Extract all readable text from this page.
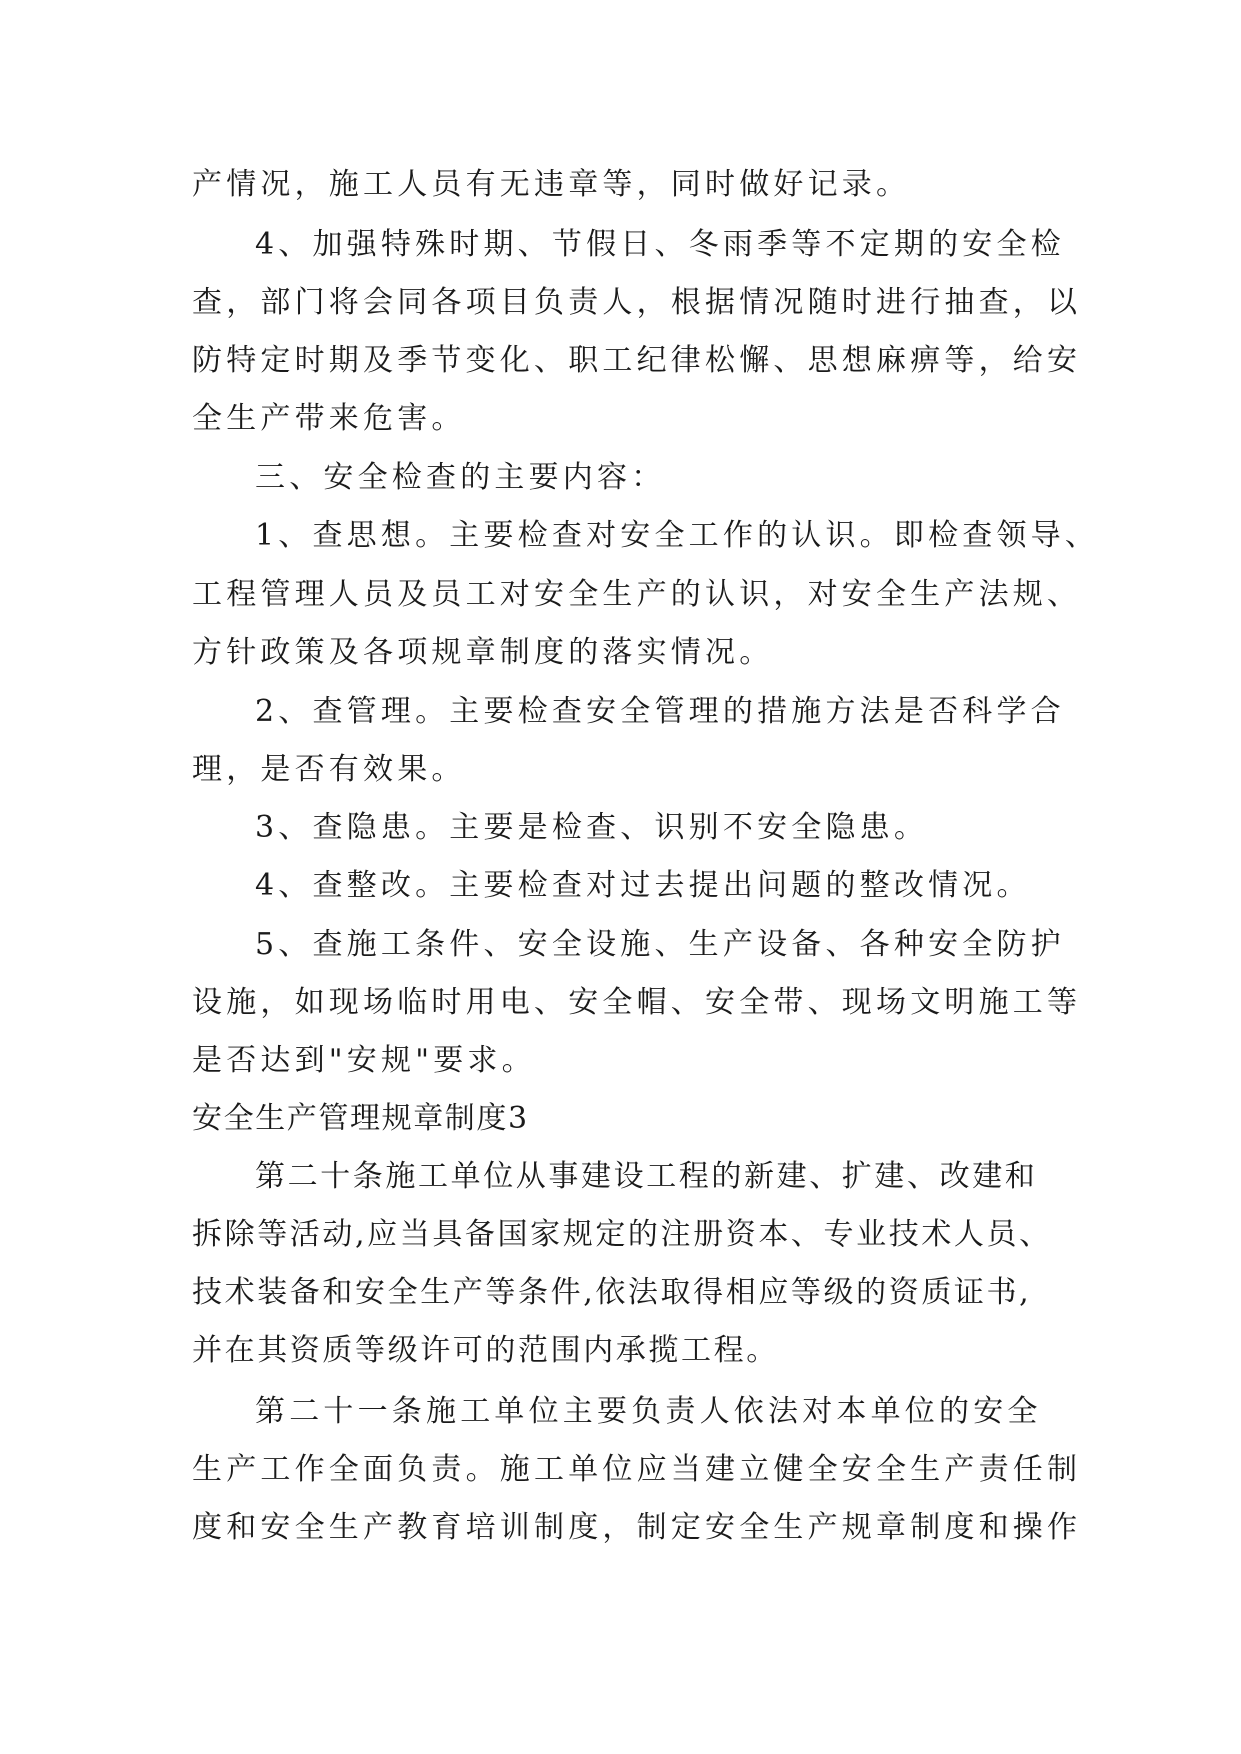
产情况，施工人员有无违章等，同时做好记录。
4、加强特殊时期、节假日、冬雨季等不定期的安全检
查，部门将会同各项目负责人，根据情况随时进行抽查，以
防特定时期及季节变化、职工纪律松懈、思想麻痹等，给安
全生产带来危害。
三、安全检查的主要内容：
1、查思想。主要检查对安全工作的认识。即检查领导、
工程管理人员及员工对安全生产的认识，对安全生产法规、
方针政策及各项规章制度的落实情况。
2、查管理。主要检查安全管理的措施方法是否科学合
理，是否有效果。
3、查隐患。主要是检查、识别不安全隐患。
4、查整改。主要检查对过去提出问题的整改情况。
5、查施工条件、安全设施、生产设备、各种安全防护
设施，如现场临时用电、安全帽、安全带、现场文明施工等
是否达到"安规"要求。
安全生产管理规章制度3
第二十条施工单位从事建设工程的新建、扩建、改建和
拆除等活动,应当具备国家规定的注册资本、专业技术人员、
技术装备和安全生产等条件,依法取得相应等级的资质证书,
并在其资质等级许可的范围内承揽工程。
第二十一条施工单位主要负责人依法对本单位的安全
生产工作全面负责。施工单位应当建立健全安全生产责任制
度和安全生产教育培训制度，制定安全生产规章制度和操作
